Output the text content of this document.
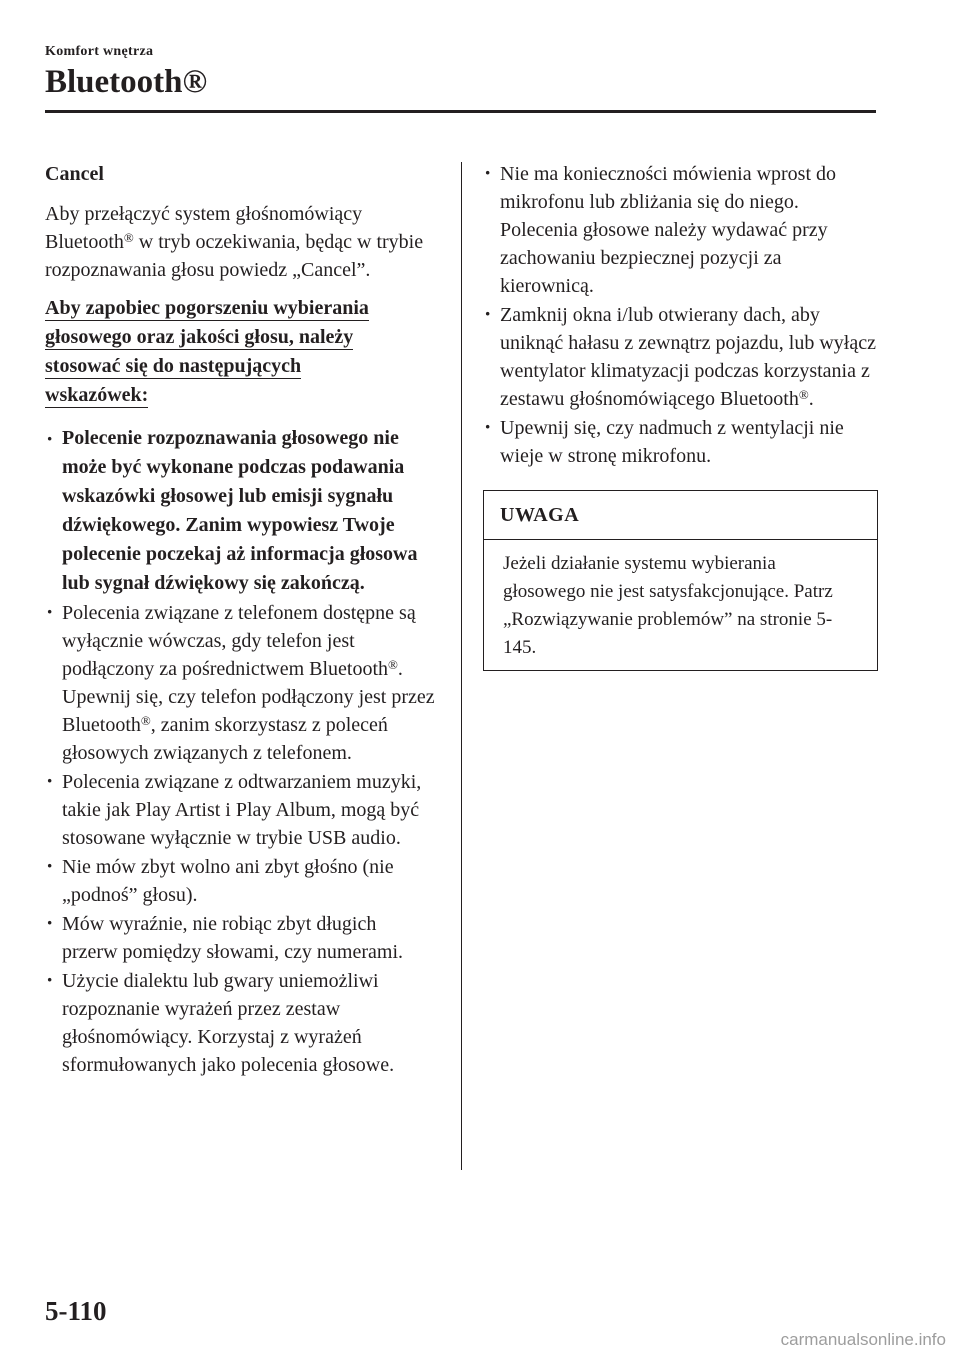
Komfort wnętrza
Bluetooth®
Cancel

Aby przełączyć system głośnomówiący Bluetooth® w tryb oczekiwania, będąc w trybie rozpoznawania głosu powiedz „Cancel”.

Aby zapobiec pogorszeniu wybierania
głosowego oraz jakości głosu, należy
stosować się do następujących
wskazówek:
· Polecenie rozpoznawania głosowego nie może być wykonane podczas podawania wskazówki głosowej lub emisji sygnału dźwiękowego. Zanim wypowiesz Twoje polecenie poczekaj aż informacja głosowa lub sygnał dźwiękowy się zakończą.
· Polecenia związane z telefonem dostępne są wyłącznie wówczas, gdy telefon jest podłączony za pośrednictwem Bluetooth®. Upewnij się, czy telefon podłączony jest przez Bluetooth®, zanim skorzystasz z poleceń głosowych związanych z telefonem.
· Polecenia związane z odtwarzaniem muzyki, takie jak Play Artist i Play Album, mogą być stosowane wyłącznie w trybie USB audio.
· Nie mów zbyt wolno ani zbyt głośno (nie „podnoś” głosu).
· Mów wyraźnie, nie robiąc zbyt długich przerw pomiędzy słowami, czy numerami.
· Użycie dialektu lub gwary uniemożliwi rozpoznanie wyrażeń przez zestaw głośnomówiący. Korzystaj z wyrażeń sformułowanych jako polecenia głosowe.
· Nie ma konieczności mówienia wprost do mikrofonu lub zbliżania się do niego. Polecenia głosowe należy wydawać przy zachowaniu bezpiecznej pozycji za kierownicą.
· Zamknij okna i/lub otwierany dach, aby uniknąć hałasu z zewnątrz pojazdu, lub wyłącz wentylator klimatyzacji podczas korzystania z zestawu głośnomówiącego Bluetooth®.
· Upewnij się, czy nadmuch z wentylacji nie wieje w stronę mikrofonu.
UWAGA
Jeżeli działanie systemu wybierania głosowego nie jest satysfakcjonujące. Patrz „Rozwiązywanie problemów” na stronie 5-145.
5-110
carmanualsonline.info
